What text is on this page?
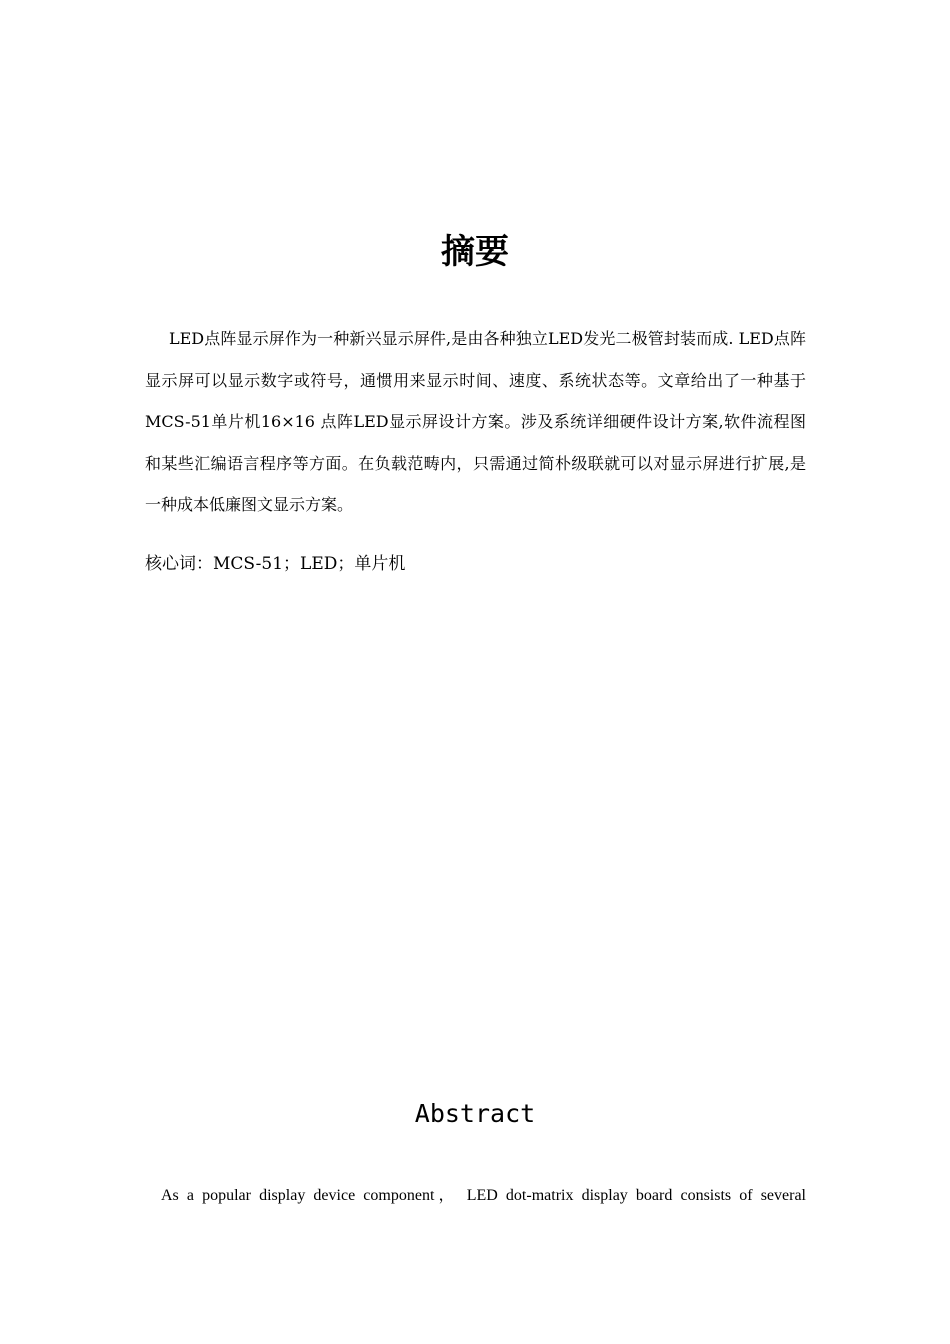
摘要

LED点阵显示屏作为一种新兴显示屏件,是由各种独立LED发光二极管封装而成. LED点阵显示屏可以显示数字或符号，通惯用来显示时间、速度、系统状态等。文章给出了一种基于MCS-51单片机16×16 点阵LED显示屏设计方案。涉及系统详细硬件设计方案,软件流程图和某些汇编语言程序等方面。在负载范畴内，只需通过简朴级联就可以对显示屏进行扩展,是一种成本低廉图文显示方案。

核心词：MCS-51；LED；单片机

Abstract

As a popular display device component， LED dot-matrix display board consists of several
